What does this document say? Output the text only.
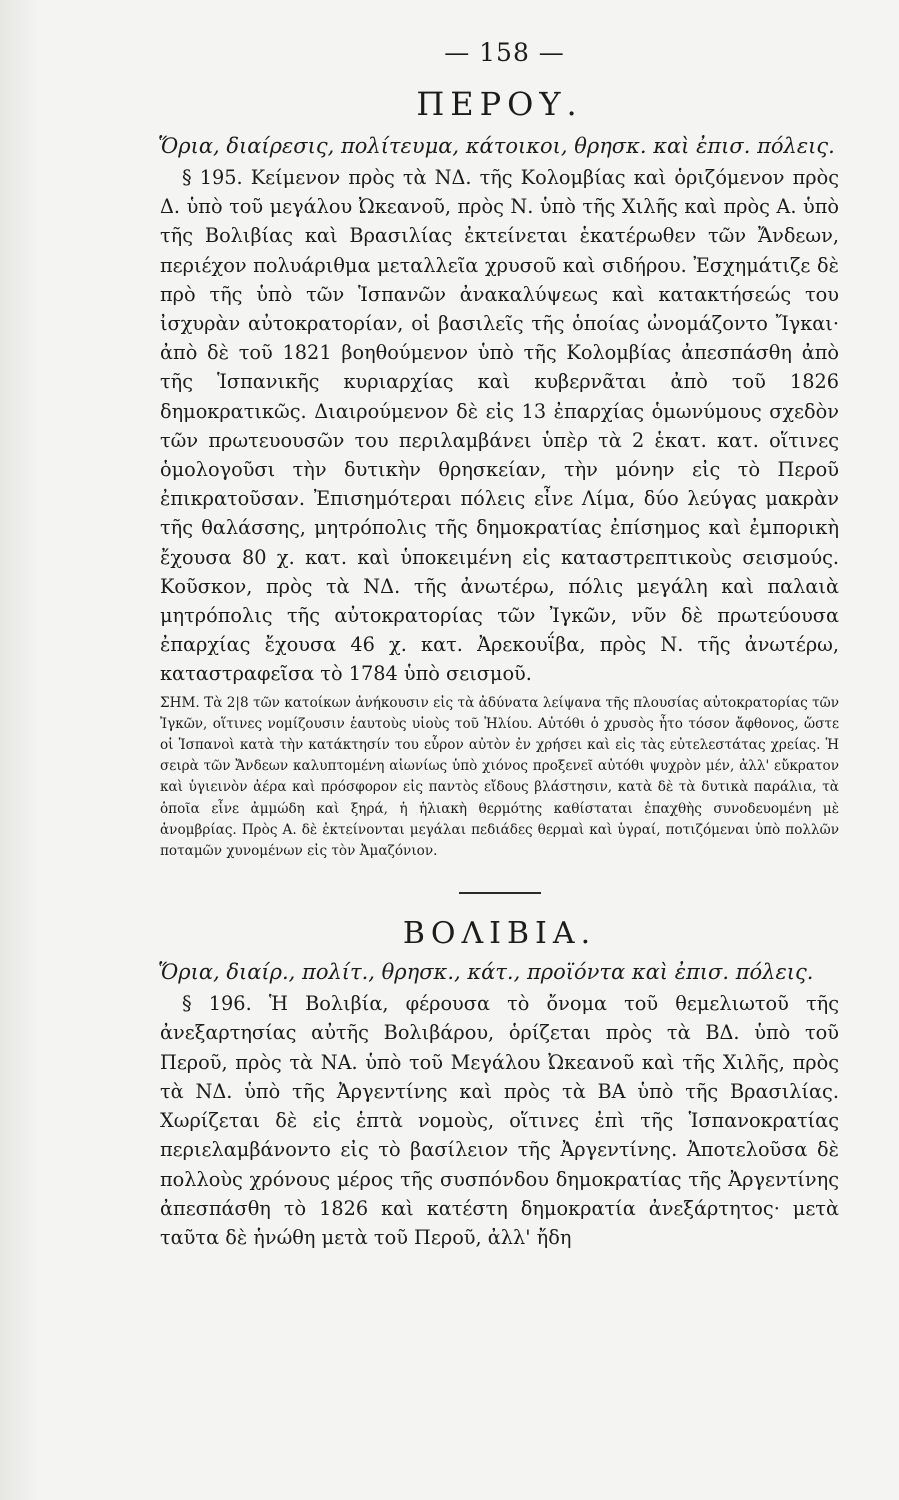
— 158 —
ΠΕΡΟΥ.
Ὅρια, διαίρεσις, πολίτευμα, κάτοικοι, θρησκ. καὶ ἐπισ. πόλεις.

§ 195. Κείμενον πρὸς τὰ ΝΔ. τῆς Κολομβίας καὶ ὁριζόμενον πρὸς Δ. ὑπὸ τοῦ μεγάλου Ὠκεανοῦ, πρὸς Ν. ὑπὸ τῆς Χιλῆς καὶ πρὸς Α. ὑπὸ τῆς Βολιβίας καὶ Βρασιλίας ἐκτείνεται ἑκατέρωθεν τῶν Ἄνδεων, περιέχον πολυάριθμα μεταλλεῖα χρυσοῦ καὶ σιδήρου. Ἐσχημάτιζε δὲ πρὸ τῆς ὑπὸ τῶν Ἱσπανῶν ἀνακαλύψεως καὶ κατακτήσεώς του ἰσχυρὰν αὐτοκρατορίαν, οἱ βασιλεῖς τῆς ὁποίας ὠνομάζοντο Ἴγκαι· ἀπὸ δὲ τοῦ 1821 βοηθούμενον ὑπὸ τῆς Κολομβίας ἀπεσπάσθη ἀπὸ τῆς Ἱσπανικῆς κυριαρχίας καὶ κυβερνᾶται ἀπὸ τοῦ 1826 δημοκρατικῶς. Διαιρούμενον δὲ εἰς 13 ἐπαρχίας ὁμωνύμους σχεδὸν τῶν πρωτευουσῶν του περιλαμβάνει ὑπὲρ τὰ 2 ἑκατ. κατ. οἵτινες ὁμολογοῦσι τὴν δυτικὴν θρησκείαν, τὴν μόνην εἰς τὸ Περοῦ ἐπικρατοῦσαν. Ἐπισημότεραι πόλεις εἶνε Λίμα, δύο λεύγας μακρὰν τῆς θαλάσσης, μητρόπολις τῆς δημοκρατίας ἐπίσημος καὶ ἐμπορικὴ ἔχουσα 80 χ. κατ. καὶ ὑποκειμένη εἰς καταστρεπτικοὺς σεισμούς. Κοῦσκον, πρὸς τὰ ΝΔ. τῆς ἀνωτέρω, πόλις μεγάλη καὶ παλαιὰ μητρόπολις τῆς αὐτοκρατορίας τῶν Ἰγκῶν, νῦν δὲ πρωτεύουσα ἐπαρχίας ἔχουσα 46 χ. κατ. Ἀρεκουΐβα, πρὸς Ν. τῆς ἀνωτέρω, καταστραφεῖσα τὸ 1784 ὑπὸ σεισμοῦ.

ΣΗΜ. Τὰ 2|8 τῶν κατοίκων ἀνήκουσιν εἰς τὰ ἀδύνατα λείψανα τῆς πλουσίας αὐτοκρατορίας τῶν Ἰγκῶν, οἵτινες νομίζουσιν ἑαυτοὺς υἱοὺς τοῦ Ἡλίου. Αὐτόθι ὁ χρυσὸς ἦτο τόσον ἄφθονος, ὥστε οἱ Ἱσπανοὶ κατὰ τὴν κατάκτησίν του εὗρον αὐτὸν ἐν χρήσει καὶ εἰς τὰς εὐτελεστάτας χρείας. Ἡ σειρὰ τῶν Ἄνδεων καλυπτομένη αἰωνίως ὑπὸ χιόνος προξενεῖ αὐτόθι ψυχρὸν μέν, ἀλλ' εὔκρατον καὶ ὑγιεινὸν ἀέρα καὶ πρόσφορον εἰς παντὸς εἴδους βλάστησιν, κατὰ δὲ τὰ δυτικὰ παράλια, τὰ ὁποῖα εἶνε ἀμμώδη καὶ ξηρά, ἡ ἡλιακὴ θερμότης καθίσταται ἐπαχθὴς συνοδευομένη μὲ ἀνομβρίας. Πρὸς Α. δὲ ἐκτείνονται μεγάλαι πεδιάδες θερμαὶ καὶ ὑγραί, ποτιζόμεναι ὑπὸ πολλῶν ποταμῶν χυνομένων εἰς τὸν Ἀμαζόνιον.

ΒΟΛΙΒΙΑ.
Ὅρια, διαίρ., πολίτ., θρησκ., κάτ., προϊόντα καὶ ἐπισ. πόλεις.

§ 196. Ἡ Βολιβία, φέρουσα τὸ ὄνομα τοῦ θεμελιωτοῦ τῆς ἀνεξαρτησίας αὐτῆς Βολιβάρου, ὁρίζεται πρὸς τὰ ΒΔ. ὑπὸ τοῦ Περοῦ, πρὸς τὰ ΝΑ. ὑπὸ τοῦ Μεγάλου Ὠκεανοῦ καὶ τῆς Χιλῆς, πρὸς τὰ ΝΔ. ὑπὸ τῆς Ἀργεντίνης καὶ πρὸς τὰ ΒΑ ὑπὸ τῆς Βρασιλίας. Χωρίζεται δὲ εἰς ἑπτὰ νομοὺς, οἵτινες ἐπὶ τῆς Ἱσπανοκρατίας περιελαμβάνοντο εἰς τὸ βασίλειον τῆς Ἀργεντίνης. Ἀποτελοῦσα δὲ πολλοὺς χρόνους μέρος τῆς συσπόνδου δημοκρατίας τῆς Ἀργεντίνης ἀπεσπάσθη τὸ 1826 καὶ κατέστη δημοκρατία ἀνεξάρτητος· μετὰ ταῦτα δὲ ἡνώθη μετὰ τοῦ Περοῦ, ἀλλ' ἤδη
